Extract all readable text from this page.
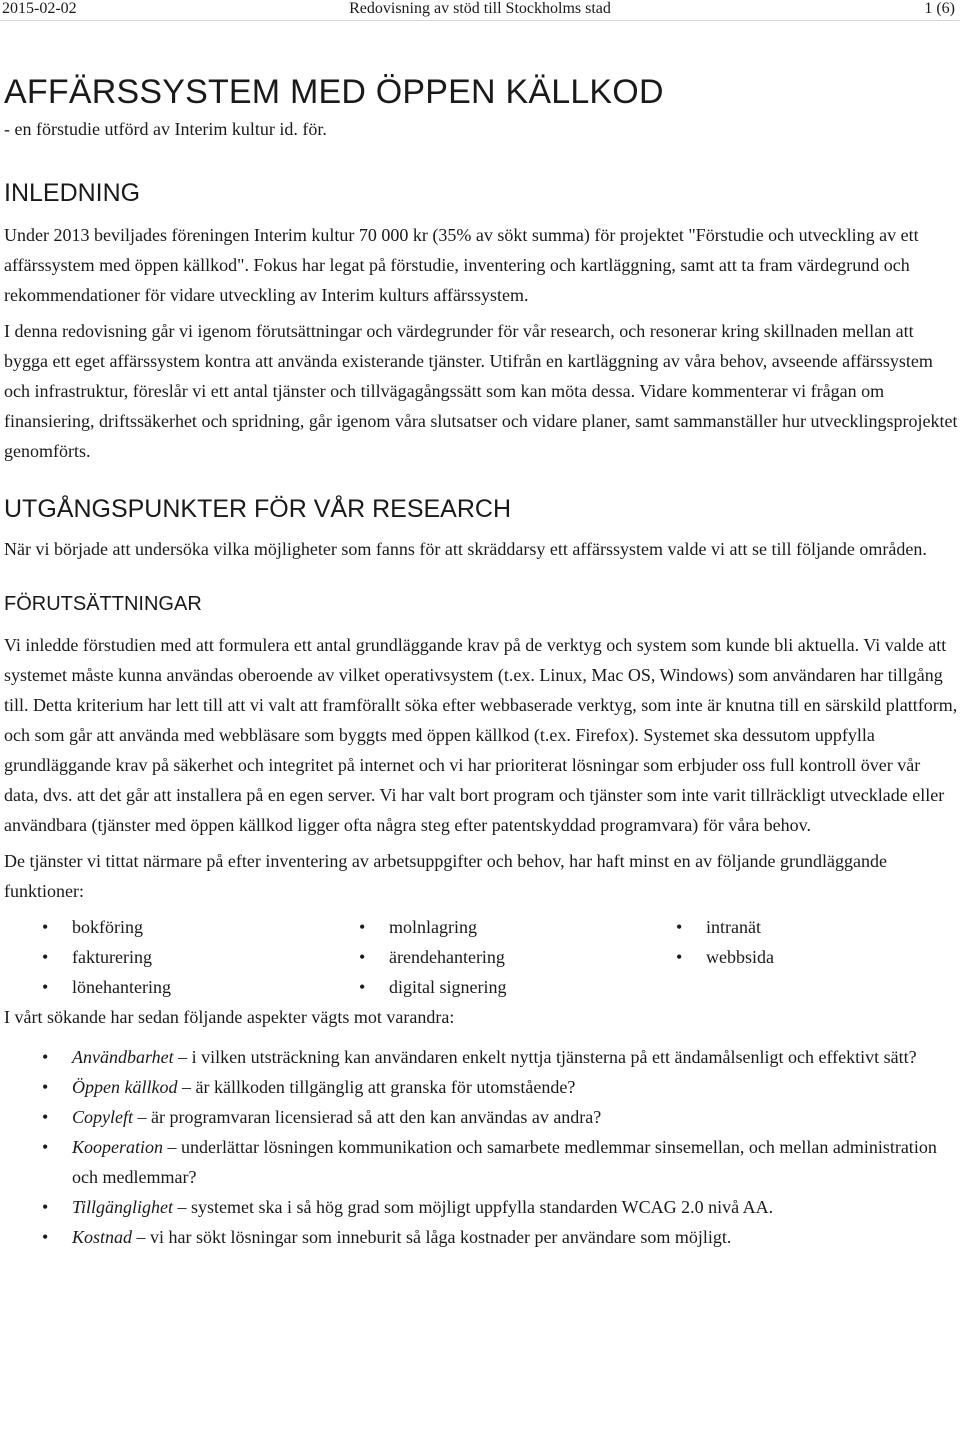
2015-02-02	Redovisning av stöd till Stockholms stad	1 (6)
AFFÄRSSYSTEM MED ÖPPEN KÄLLKOD
- en förstudie utförd av Interim kultur id. för.
INLEDNING

Under 2013 beviljades föreningen Interim kultur 70 000 kr (35% av sökt summa) för projektet "Förstudie och utveckling av ett affärssystem med öppen källkod". Fokus har legat på förstudie, inventering och kartläggning, samt att ta fram värdegrund och rekommendationer för vidare utveckling av Interim kulturs affärssystem.

I denna redovisning går vi igenom förutsättningar och värdegrunder för vår research, och resonerar kring skillnaden mellan att bygga ett eget affärssystem kontra att använda existerande tjänster. Utifrån en kartläggning av våra behov, avseende affärssystem och infrastruktur, föreslår vi ett antal tjänster och tillvägagångssätt som kan möta dessa. Vidare kommenterar vi frågan om finansiering, driftssäkerhet och spridning, går igenom våra slutsatser och vidare planer, samt sammanställer hur utvecklingsprojektet genomförts.

UTGÅNGSPUNKTER FÖR VÅR RESEARCH

När vi började att undersöka vilka möjligheter som fanns för att skräddarsy ett affärssystem valde vi att se till följande områden.

FÖRUTSÄTTNINGAR

Vi inledde förstudien med att formulera ett antal grundläggande krav på de verktyg och system som kunde bli aktuella. Vi valde att systemet måste kunna användas oberoende av vilket operativsystem (t.ex. Linux, Mac OS, Windows) som användaren har tillgång till. Detta kriterium har lett till att vi valt att framförallt söka efter webbaserade verktyg, som inte är knutna till en särskild plattform, och som går att använda med webbläsare som byggts med öppen källkod (t.ex. Firefox). Systemet ska dessutom uppfylla grundläggande krav på säkerhet och integritet på internet och vi har prioriterat lösningar som erbjuder oss full kontroll över vår data, dvs. att det går att installera på en egen server. Vi har valt bort program och tjänster som inte varit tillräckligt utvecklade eller användbara (tjänster med öppen källkod ligger ofta några steg efter patentskyddad programvara) för våra behov.

De tjänster vi tittat närmare på efter inventering av arbetsuppgifter och behov, har haft minst en av följande grundläggande funktioner:

• bokföring
• fakturering
• lönehantering
• molnlagring
• ärendehantering
• digital signering
• intranät
• webbsida

I vårt sökande har sedan följande aspekter vägts mot varandra:

• Användbarhet – i vilken utsträckning kan användaren enkelt nyttja tjänsterna på ett ändamålsenligt och effektivt sätt?
• Öppen källkod – är källkoden tillgänglig att granska för utomstående?
• Copyleft – är programvaran licensierad så att den kan användas av andra?
• Kooperation – underlättar lösningen kommunikation och samarbete medlemmar sinsemellan, och mellan administration och medlemmar?
• Tillgänglighet – systemet ska i så hög grad som möjligt uppfylla standarden WCAG 2.0 nivå AA.
• Kostnad – vi har sökt lösningar som inneburit så låga kostnader per användare som möjligt.
